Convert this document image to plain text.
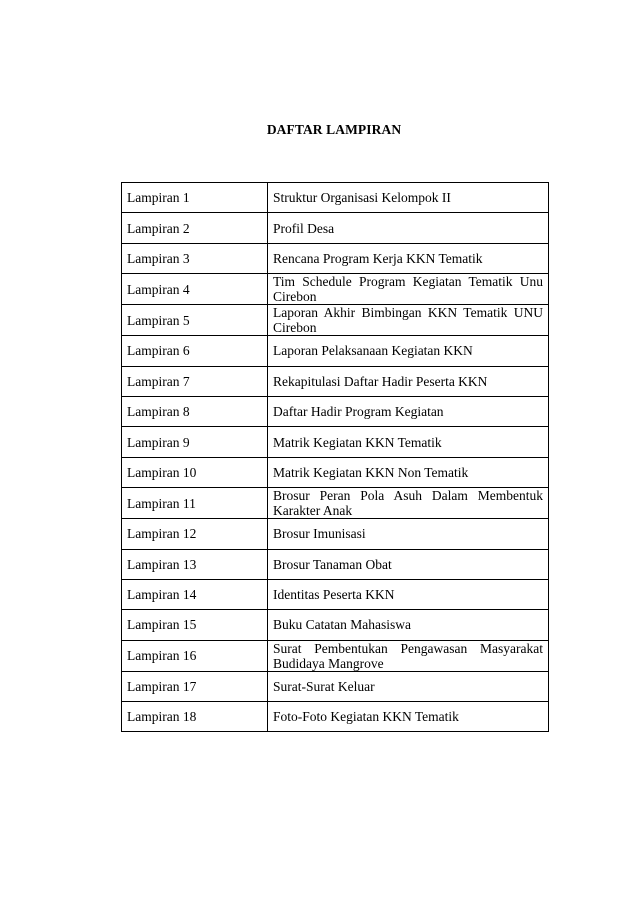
DAFTAR LAMPIRAN
Lampiran 1	Struktur Organisasi Kelompok II
Lampiran 2	Profil Desa
Lampiran 3	Rencana Program Kerja KKN Tematik
Lampiran 4	Tim Schedule Program Kegiatan Tematik Unu Cirebon
Lampiran 5	Laporan Akhir Bimbingan KKN Tematik UNU Cirebon
Lampiran 6	Laporan Pelaksanaan Kegiatan KKN
Lampiran 7	Rekapitulasi Daftar Hadir Peserta KKN
Lampiran 8	Daftar Hadir Program Kegiatan
Lampiran 9	Matrik Kegiatan KKN Tematik
Lampiran 10	Matrik Kegiatan KKN Non Tematik
Lampiran 11	Brosur Peran Pola Asuh Dalam Membentuk Karakter Anak
Lampiran 12	Brosur Imunisasi
Lampiran 13	Brosur Tanaman Obat
Lampiran 14	Identitas Peserta KKN
Lampiran 15	Buku Catatan Mahasiswa
Lampiran 16	Surat Pembentukan Pengawasan Masyarakat Budidaya Mangrove
Lampiran 17	Surat-Surat Keluar
Lampiran 18	Foto-Foto Kegiatan KKN Tematik
